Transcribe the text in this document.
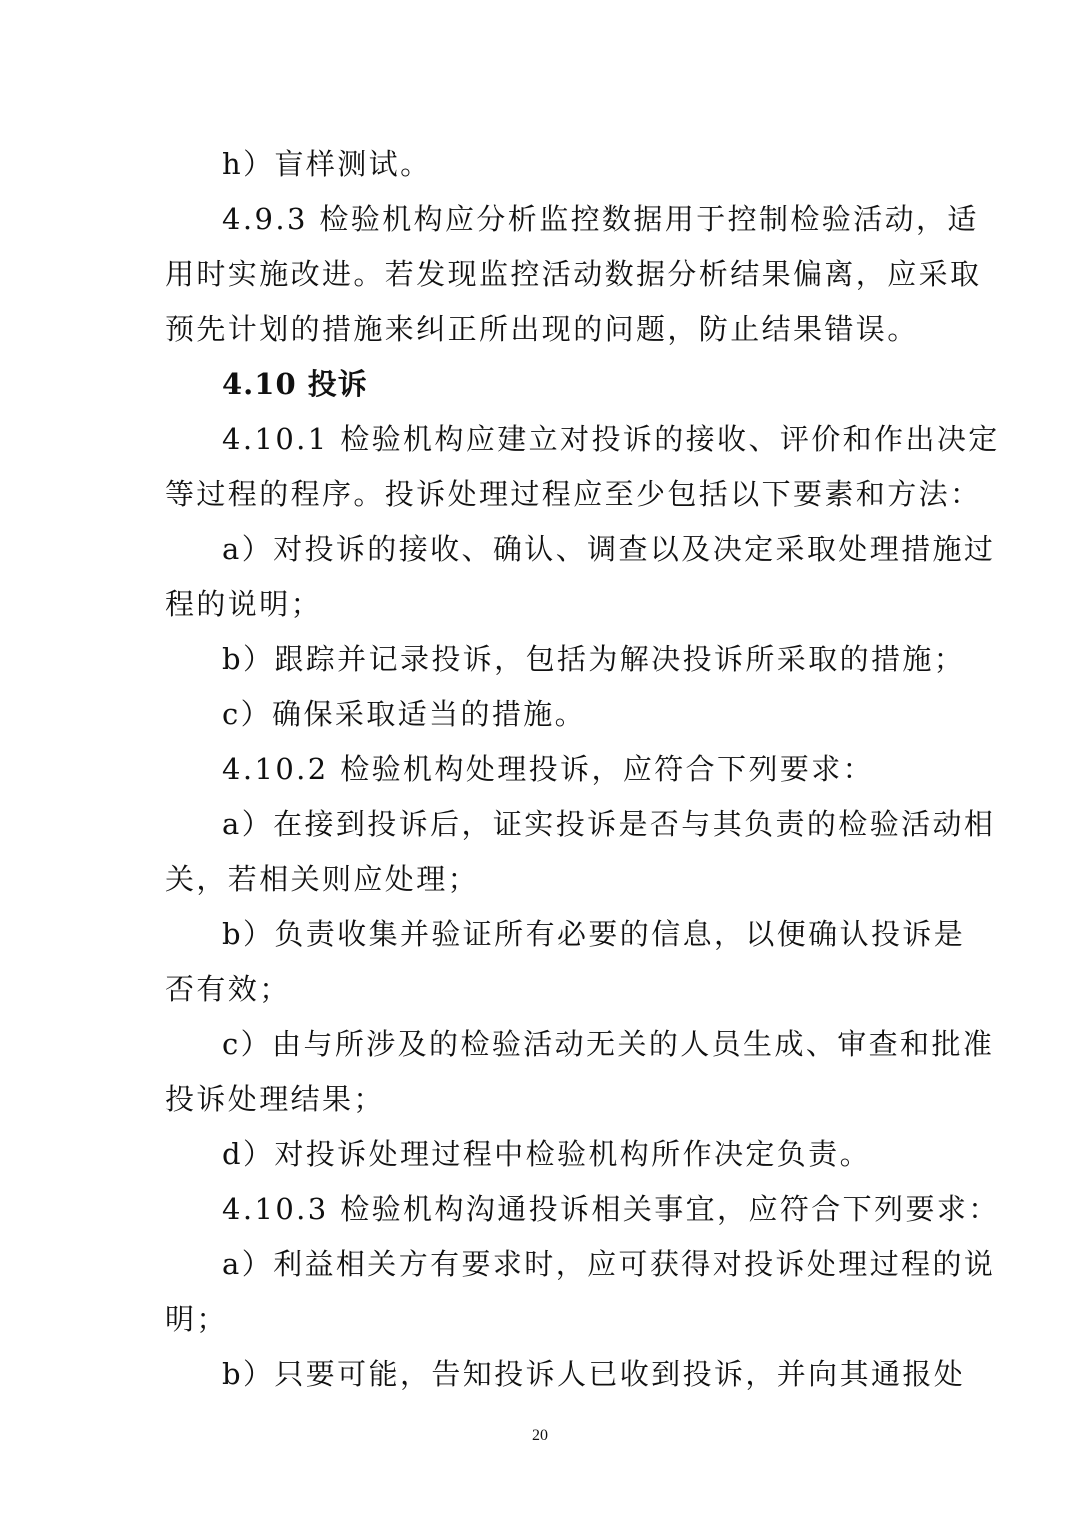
h）盲样测试。
4.9.3 检验机构应分析监控数据用于控制检验活动，适
用时实施改进。若发现监控活动数据分析结果偏离，应采取
预先计划的措施来纠正所出现的问题，防止结果错误。
4.10 投诉
4.10.1 检验机构应建立对投诉的接收、评价和作出决定
等过程的程序。投诉处理过程应至少包括以下要素和方法：
a）对投诉的接收、确认、调查以及决定采取处理措施过
程的说明；
b）跟踪并记录投诉，包括为解决投诉所采取的措施；
c）确保采取适当的措施。
4.10.2 检验机构处理投诉，应符合下列要求：
a）在接到投诉后，证实投诉是否与其负责的检验活动相
关，若相关则应处理；
b）负责收集并验证所有必要的信息，以便确认投诉是
否有效；
c）由与所涉及的检验活动无关的人员生成、审查和批准
投诉处理结果；
d）对投诉处理过程中检验机构所作决定负责。
4.10.3 检验机构沟通投诉相关事宜，应符合下列要求：
a）利益相关方有要求时，应可获得对投诉处理过程的说
明；
b）只要可能，告知投诉人已收到投诉，并向其通报处
20
